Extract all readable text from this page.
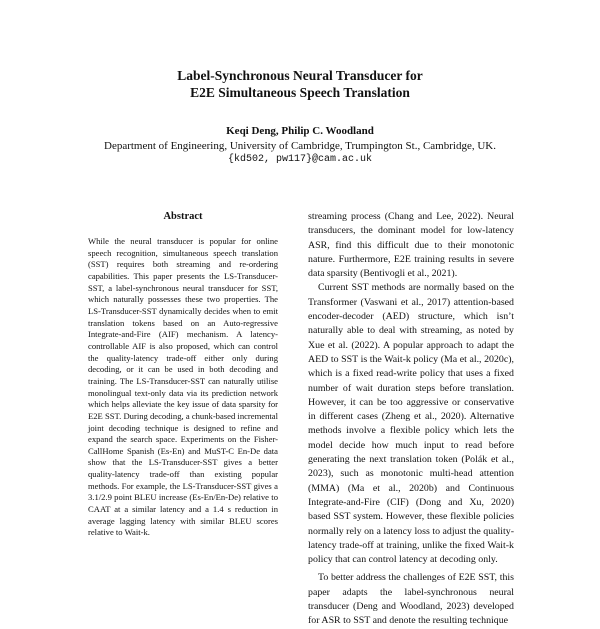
Label-Synchronous Neural Transducer for
E2E Simultaneous Speech Translation
Keqi Deng, Philip C. Woodland
Department of Engineering, University of Cambridge, Trumpington St., Cambridge, UK.
{kd502, pw117}@cam.ac.uk
Abstract

While the neural transducer is popular for online speech recognition, simultaneous speech translation (SST) requires both streaming and re-ordering capabilities. This paper presents the LS-Transducer-SST, a label-synchronous neural transducer for SST, which naturally possesses these two properties. The LS-Transducer-SST dynamically decides when to emit translation tokens based on an Auto-regressive Integrate-and-Fire (AIF) mechanism. A latency-controllable AIF is also proposed, which can control the quality-latency trade-off either only during decoding, or it can be used in both decoding and training. The LS-Transducer-SST can naturally utilise monolingual text-only data via its prediction network which helps alleviate the key issue of data sparsity for E2E SST. During decoding, a chunk-based incremental joint decoding technique is designed to refine and expand the search space. Experiments on the Fisher-CallHome Spanish (Es-En) and MuST-C En-De data show that the LS-Transducer-SST gives a better quality-latency trade-off than existing popular methods. For example, the LS-Transducer-SST gives a 3.1/2.9 point BLEU increase (Es-En/En-De) relative to CAAT at a similar latency and a 1.4 s reduction in average lagging latency with similar BLEU scores relative to Wait-k.

streaming process (Chang and Lee, 2022). Neural transducers, the dominant model for low-latency ASR, find this difficult due to their monotonic nature. Furthermore, E2E training results in severe data sparsity (Bentivogli et al., 2021).

Current SST methods are normally based on the Transformer (Vaswani et al., 2017) attention-based encoder-decoder (AED) structure, which isn’t naturally able to deal with streaming, as noted by Xue et al. (2022). A popular approach to adapt the AED to SST is the Wait-k policy (Ma et al., 2020c), which is a fixed read-write policy that uses a fixed number of wait duration steps before translation. However, it can be too aggressive or conservative in different cases (Zheng et al., 2020). Alternative methods involve a flexible policy which lets the model decide how much input to read before generating the next translation token (Polák et al., 2023), such as monotonic multi-head attention (MMA) (Ma et al., 2020b) and Continuous Integrate-and-Fire (CIF) (Dong and Xu, 2020) based SST system. However, these flexible policies normally rely on a latency loss to adjust the quality-latency trade-off at training, unlike the fixed Wait-k policy that can control latency at decoding only.

To better address the challenges of E2E SST, this paper adapts the label-synchronous neural transducer (Deng and Woodland, 2023) developed for ASR to SST and denote the resulting technique
